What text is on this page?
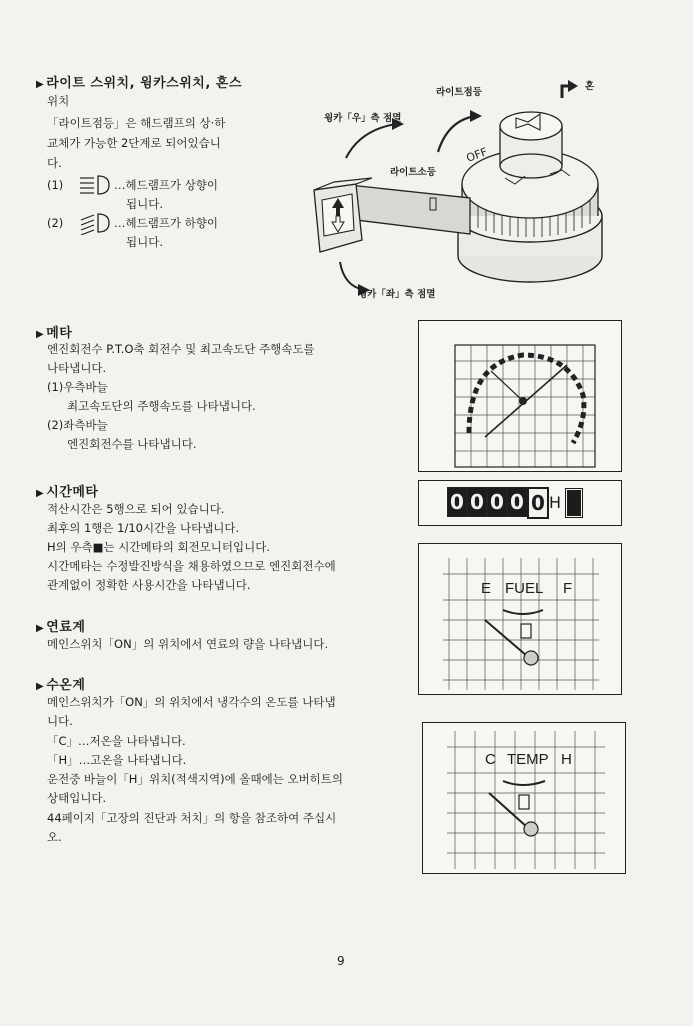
▶ 라이트 스위치, 윙카스위치, 혼스
위치
「라이트점등」은 해드램프의 상·하
교체가 가능한 2단계로 되어있습니
다.
(1)	…헤드램프가 상향이
됩니다.
(2)	…헤드램프가 하향이
됩니다.
OFF
라이트점등
혼
윙카「우」측 점멸
라이트소등
윙카「좌」측 점멸
▶ 메타
엔진회전수 P.T.O축 회전수 및 최고속도단 주행속도를
나타냅니다.
(1)우측바늘
최고속도단의 주행속도를 나타냅니다.
(2)좌측바늘
엔진회전수를 나타냅니다.
▶ 시간메타
적산시간은 5행으로 되어 있습니다.
최후의 1행은 1/10시간을 나타냅니다.
H의 우측■는 시간메타의 회전모니터입니다.
시간메타는 수정발진방식을 채용하였으므로 엔진회전수에
관계없이 정확한 사용시간을 나타냅니다.
0 0 0 0 0 H
▶ 연료계
메인스위치「ON」의 위치에서 연료의 량을 나타냅니다.
E FUEL F
▶ 수온계
메인스위치가「ON」의 위치에서 냉각수의 온도를 나타냅
니다.
「C」…저온을 나타냅니다.
「H」…고온을 나타냅니다.
운전중 바늘이「H」위치(적색지역)에 올때에는 오버히트의
상태입니다.
44페이지「고장의 진단과 처치」의 항을 참조하여 주십시
오.
C TEMP H
9
